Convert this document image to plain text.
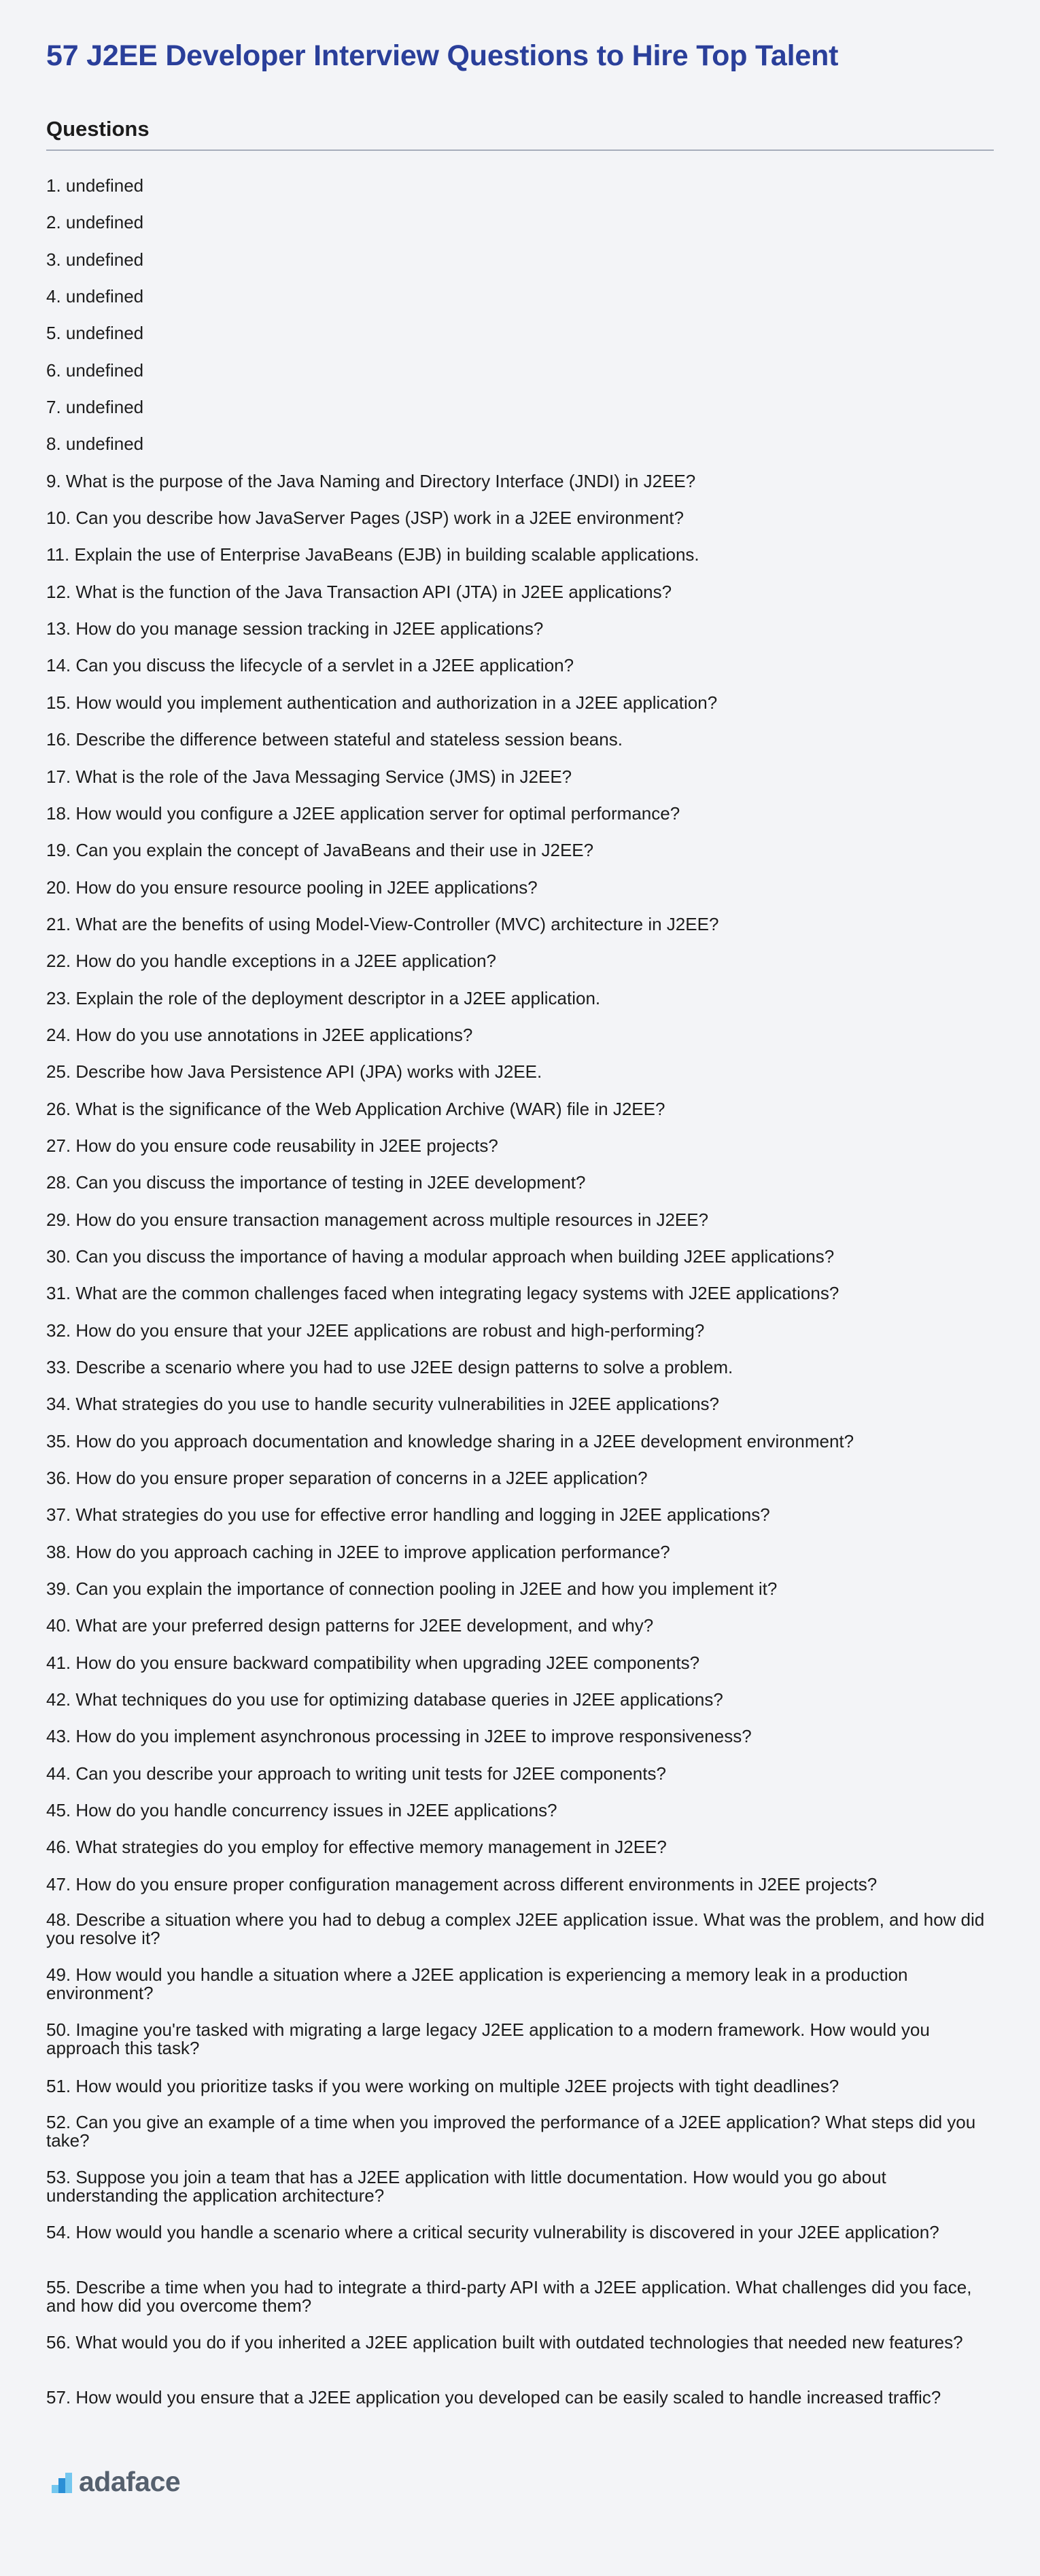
57 J2EE Developer Interview Questions to Hire Top Talent
Questions
1. undefined
2. undefined
3. undefined
4. undefined
5. undefined
6. undefined
7. undefined
8. undefined
9. What is the purpose of the Java Naming and Directory Interface (JNDI) in J2EE?
10. Can you describe how JavaServer Pages (JSP) work in a J2EE environment?
11. Explain the use of Enterprise JavaBeans (EJB) in building scalable applications.
12. What is the function of the Java Transaction API (JTA) in J2EE applications?
13. How do you manage session tracking in J2EE applications?
14. Can you discuss the lifecycle of a servlet in a J2EE application?
15. How would you implement authentication and authorization in a J2EE application?
16. Describe the difference between stateful and stateless session beans.
17. What is the role of the Java Messaging Service (JMS) in J2EE?
18. How would you configure a J2EE application server for optimal performance?
19. Can you explain the concept of JavaBeans and their use in J2EE?
20. How do you ensure resource pooling in J2EE applications?
21. What are the benefits of using Model-View-Controller (MVC) architecture in J2EE?
22. How do you handle exceptions in a J2EE application?
23. Explain the role of the deployment descriptor in a J2EE application.
24. How do you use annotations in J2EE applications?
25. Describe how Java Persistence API (JPA) works with J2EE.
26. What is the significance of the Web Application Archive (WAR) file in J2EE?
27. How do you ensure code reusability in J2EE projects?
28. Can you discuss the importance of testing in J2EE development?
29. How do you ensure transaction management across multiple resources in J2EE?
30. Can you discuss the importance of having a modular approach when building J2EE applications?
31. What are the common challenges faced when integrating legacy systems with J2EE applications?
32. How do you ensure that your J2EE applications are robust and high-performing?
33. Describe a scenario where you had to use J2EE design patterns to solve a problem.
34. What strategies do you use to handle security vulnerabilities in J2EE applications?
35. How do you approach documentation and knowledge sharing in a J2EE development environment?
36. How do you ensure proper separation of concerns in a J2EE application?
37. What strategies do you use for effective error handling and logging in J2EE applications?
38. How do you approach caching in J2EE to improve application performance?
39. Can you explain the importance of connection pooling in J2EE and how you implement it?
40. What are your preferred design patterns for J2EE development, and why?
41. How do you ensure backward compatibility when upgrading J2EE components?
42. What techniques do you use for optimizing database queries in J2EE applications?
43. How do you implement asynchronous processing in J2EE to improve responsiveness?
44. Can you describe your approach to writing unit tests for J2EE components?
45. How do you handle concurrency issues in J2EE applications?
46. What strategies do you employ for effective memory management in J2EE?
47. How do you ensure proper configuration management across different environments in J2EE projects?
48. Describe a situation where you had to debug a complex J2EE application issue. What was the problem, and how did you resolve it?
49. How would you handle a situation where a J2EE application is experiencing a memory leak in a production environment?
50. Imagine you're tasked with migrating a large legacy J2EE application to a modern framework. How would you approach this task?
51. How would you prioritize tasks if you were working on multiple J2EE projects with tight deadlines?
52. Can you give an example of a time when you improved the performance of a J2EE application? What steps did you take?
53. Suppose you join a team that has a J2EE application with little documentation. How would you go about understanding the application architecture?
54. How would you handle a scenario where a critical security vulnerability is discovered in your J2EE application?
55. Describe a time when you had to integrate a third-party API with a J2EE application. What challenges did you face, and how did you overcome them?
56. What would you do if you inherited a J2EE application built with outdated technologies that needed new features?
57. How would you ensure that a J2EE application you developed can be easily scaled to handle increased traffic?
adaface
